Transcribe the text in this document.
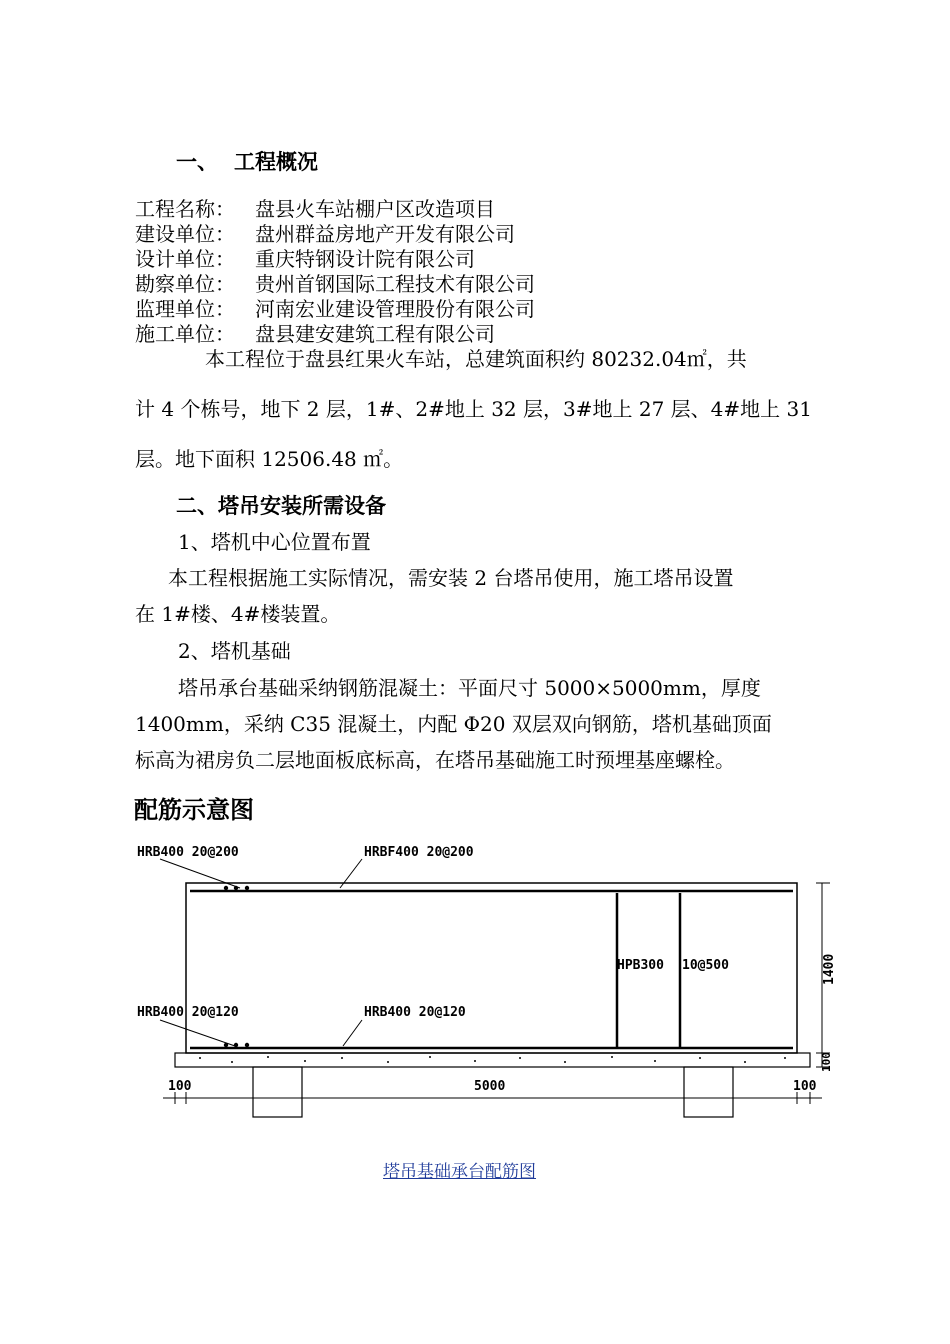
一、 工程概况
工程名称： 盘县火车站棚户区改造项目
建设单位： 盘州群益房地产开发有限公司
设计单位： 重庆特钢设计院有限公司
勘察单位： 贵州首钢国际工程技术有限公司
监理单位： 河南宏业建设管理股份有限公司
施工单位： 盘县建安建筑工程有限公司
本工程位于盘县红果火车站，总建筑面积约 80232.04㎡，共
计 4 个栋号，地下 2 层，1#、2#地上 32 层，3#地上 27 层、4#地上 31
层。地下面积 12506.48 ㎡。
二、塔吊安装所需设备
1、塔机中心位置布置
本工程根据施工实际情况，需安装 2 台塔吊使用，施工塔吊设置
在 1#楼、4#楼装置。
2、塔机基础
塔吊承台基础采纳钢筋混凝土：平面尺寸 5000×5000mm，厚度
1400mm，采纳 C35 混凝土，内配 Φ20 双层双向钢筋，塔机基础顶面
标高为裙房负二层地面板底标高，在塔吊基础施工时预埋基座螺栓。
配筋示意图
HRB400 20@200	HRBF400 20@200
HRB400 20@120	HRB400 20@120
HPB300 10@500	1400
100
100	5000	100
塔吊基础承台配筋图
